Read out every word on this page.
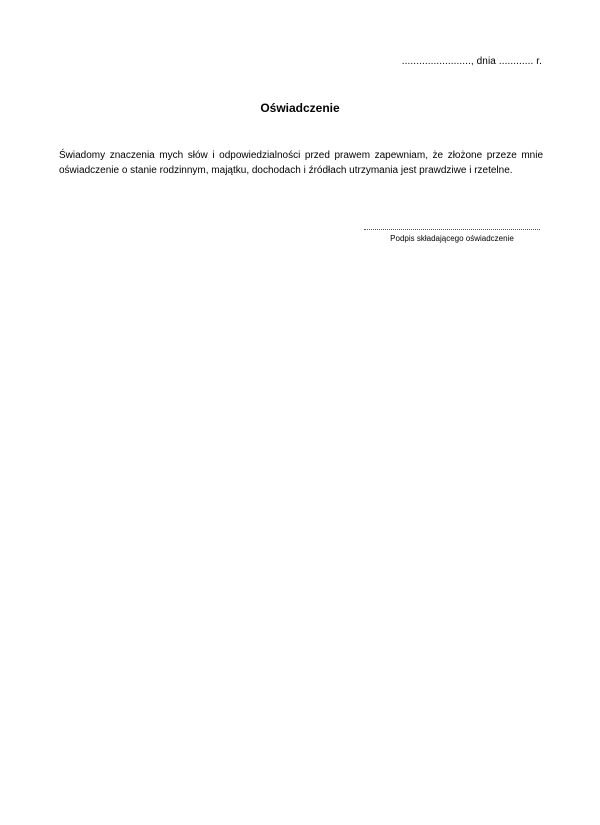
........................, dnia ............ r.
Oświadczenie
Świadomy znaczenia mych słów i odpowiedzialności przed prawem zapewniam, że złożone przeze mnie oświadczenie o stanie rodzinnym, majątku, dochodach i źródłach utrzymania jest prawdziwe i rzetelne.
Podpis składającego oświadczenie
